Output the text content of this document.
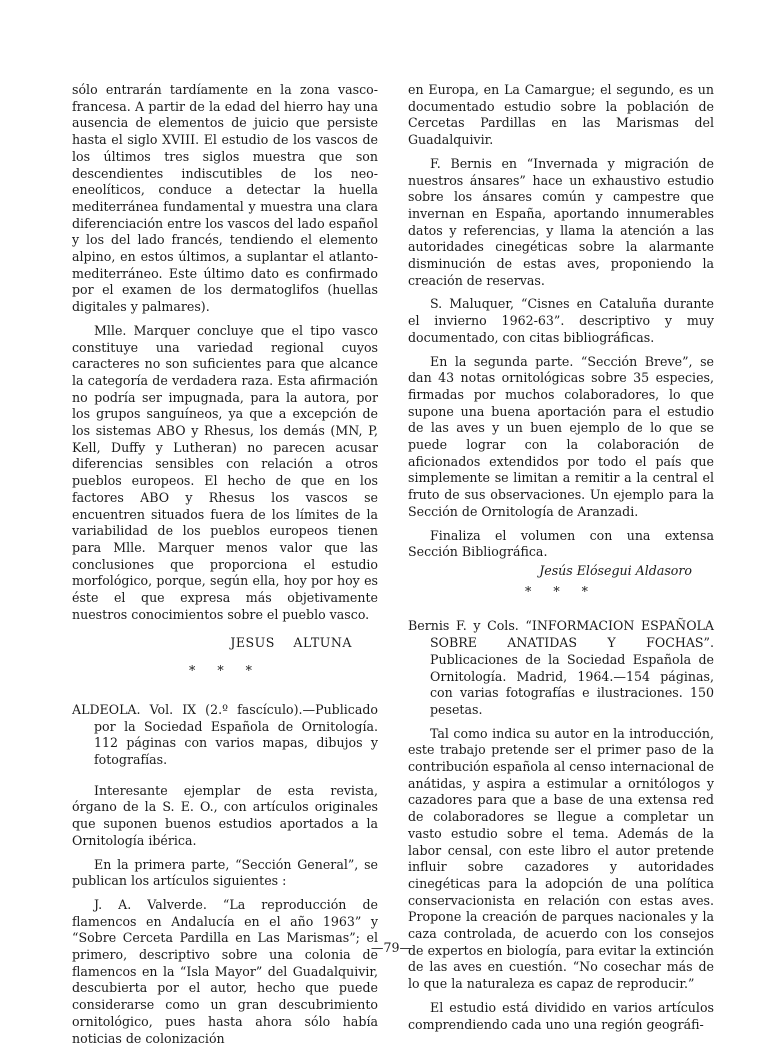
sólo entrarán tardíamente en la zona vasco-francesa. A partir de la edad del hierro hay una ausencia de elementos de juicio que persiste hasta el siglo XVIII. El estudio de los vascos de los últimos tres siglos muestra que son descendientes indiscutibles de los neo-eneolíticos, conduce a detectar la huella mediterránea fundamental y muestra una clara diferenciación entre los vascos del lado español y los del lado francés, tendiendo el elemento alpino, en estos últimos, a suplantar el atlanto-mediterráneo. Este último dato es confirmado por el examen de los dermatoglifos (huellas digitales y palmares).

Mlle. Marquer concluye que el tipo vasco constituye una variedad regional cuyos caracteres no son suficientes para que alcance la categoría de verdadera raza. Esta afirmación no podría ser impugnada, para la autora, por los grupos sanguíneos, ya que a excepción de los sistemas ABO y Rhesus, los demás (MN, P, Kell, Duffy y Lutheran) no parecen acusar diferencias sensibles con relación a otros pueblos europeos. El hecho de que en los factores ABO y Rhesus los vascos se encuentren situados fuera de los límites de la variabilidad de los pueblos europeos tienen para Mlle. Marquer menos valor que las conclusiones que proporciona el estudio morfológico, porque, según ella, hoy por hoy es éste el que expresa más objetivamente nuestros conocimientos sobre el pueblo vasco.

JESUS ALTUNA

* * *

ALDEOLA. Vol. IX (2.º fascículo).—Publicado por la Sociedad Española de Ornitología. 112 páginas con varios mapas, dibujos y fotografías.

Interesante ejemplar de esta revista, órgano de la S. E. O., con artículos originales que suponen buenos estudios aportados a la Ornitología ibérica.

En la primera parte, “Sección General”, se publican los artículos siguientes :

J. A. Valverde. “La reproducción de flamencos en Andalucía en el año 1963” y “Sobre Cerceta Pardilla en Las Marismas”; el primero, descriptivo sobre una colonia de flamencos en la “Isla Mayor” del Guadalquivir, descubierta por el autor, hecho que puede considerarse como un gran descubrimiento ornitológico, pues hasta ahora sólo había noticias de colonización

en Europa, en La Camargue; el segundo, es un documentado estudio sobre la población de Cercetas Pardillas en las Marismas del Guadalquivir.

F. Bernis en “Invernada y migración de nuestros ánsares” hace un exhaustivo estudio sobre los ánsares común y campestre que invernan en España, aportando innumerables datos y referencias, y llama la atención a las autoridades cinegéticas sobre la alarmante disminución de estas aves, proponiendo la creación de reservas.

S. Maluquer, “Cisnes en Cataluña durante el invierno 1962-63”. descriptivo y muy documentado, con citas bibliográficas.

En la segunda parte. “Sección Breve”, se dan 43 notas ornitológicas sobre 35 especies, firmadas por muchos colaboradores, lo que supone una buena aportación para el estudio de las aves y un buen ejemplo de lo que se puede lograr con la colaboración de aficionados extendidos por todo el país que simplemente se limitan a remitir a la central el fruto de sus observaciones. Un ejemplo para la Sección de Ornitología de Aranzadi.

Finaliza el volumen con una extensa Sección Bibliográfica.

Jesús Elósegui Aldasoro

* * *

Bernis F. y Cols. “INFORMACION ESPAÑOLA SOBRE ANATIDAS Y FOCHAS”. Publicaciones de la Sociedad Española de Ornitología. Madrid, 1964.—154 páginas, con varias fotografías e ilustraciones. 150 pesetas.

Tal como indica su autor en la introducción, este trabajo pretende ser el primer paso de la contribución española al censo internacional de anátidas, y aspira a estimular a ornitólogos y cazadores para que a base de una extensa red de colaboradores se llegue a completar un vasto estudio sobre el tema. Además de la labor censal, con este libro el autor pretende influir sobre cazadores y autoridades cinegéticas para la adopción de una política conservacionista en relación con estas aves. Propone la creación de parques nacionales y la caza controlada, de acuerdo con los consejos de expertos en biología, para evitar la extinción de las aves en cuestión. “No cosechar más de lo que la naturaleza es capaz de reproducir.”

El estudio está dividido en varios artículos comprendiendo cada uno una región geográfi-

—79—
